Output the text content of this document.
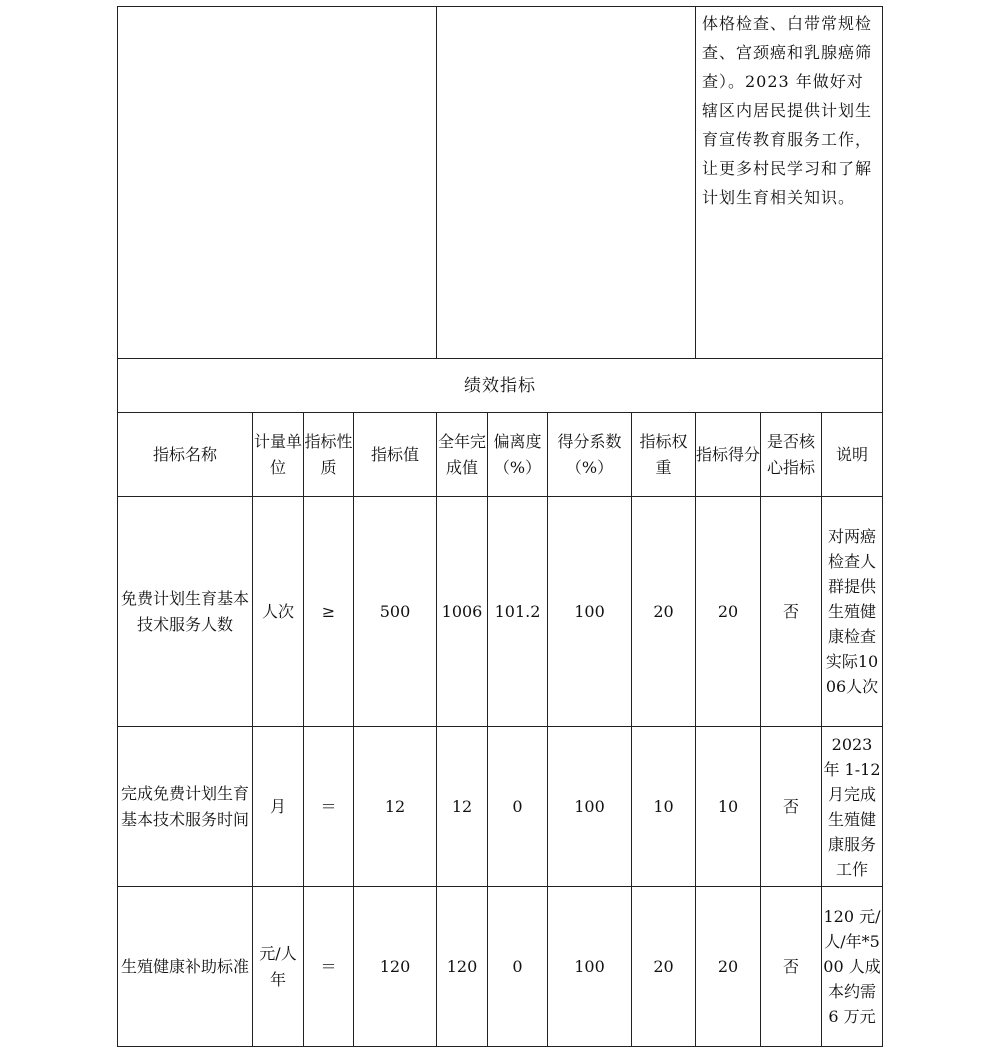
								体格检查、白带常规检查、宫颈癌和乳腺癌筛查）。2023 年做好对辖区内居民提供计划生育宣传教育服务工作，让更多村民学习和了解计划生育相关知识。		
绩效指标										
指标名称	计量单位	指标性质	指标值	全年完成值	偏离度（%）	得分系数（%）	指标权重	指标得分	是否核心指标	说明
免费计划生育基本技术服务人数	人次	≥	500	1006	101.2	100	20	20	否	对两癌检查人群提供生殖健康检查实际1006人次
完成免费计划生育基本技术服务时间	月	＝	12	12	0	100	10	10	否	2023 年 1-12 月完成生殖健康服务工作
生殖健康补助标准	元/人年	＝	120	120	0	100	20	20	否	120 元/人/年*500 人成本约需 6 万元
